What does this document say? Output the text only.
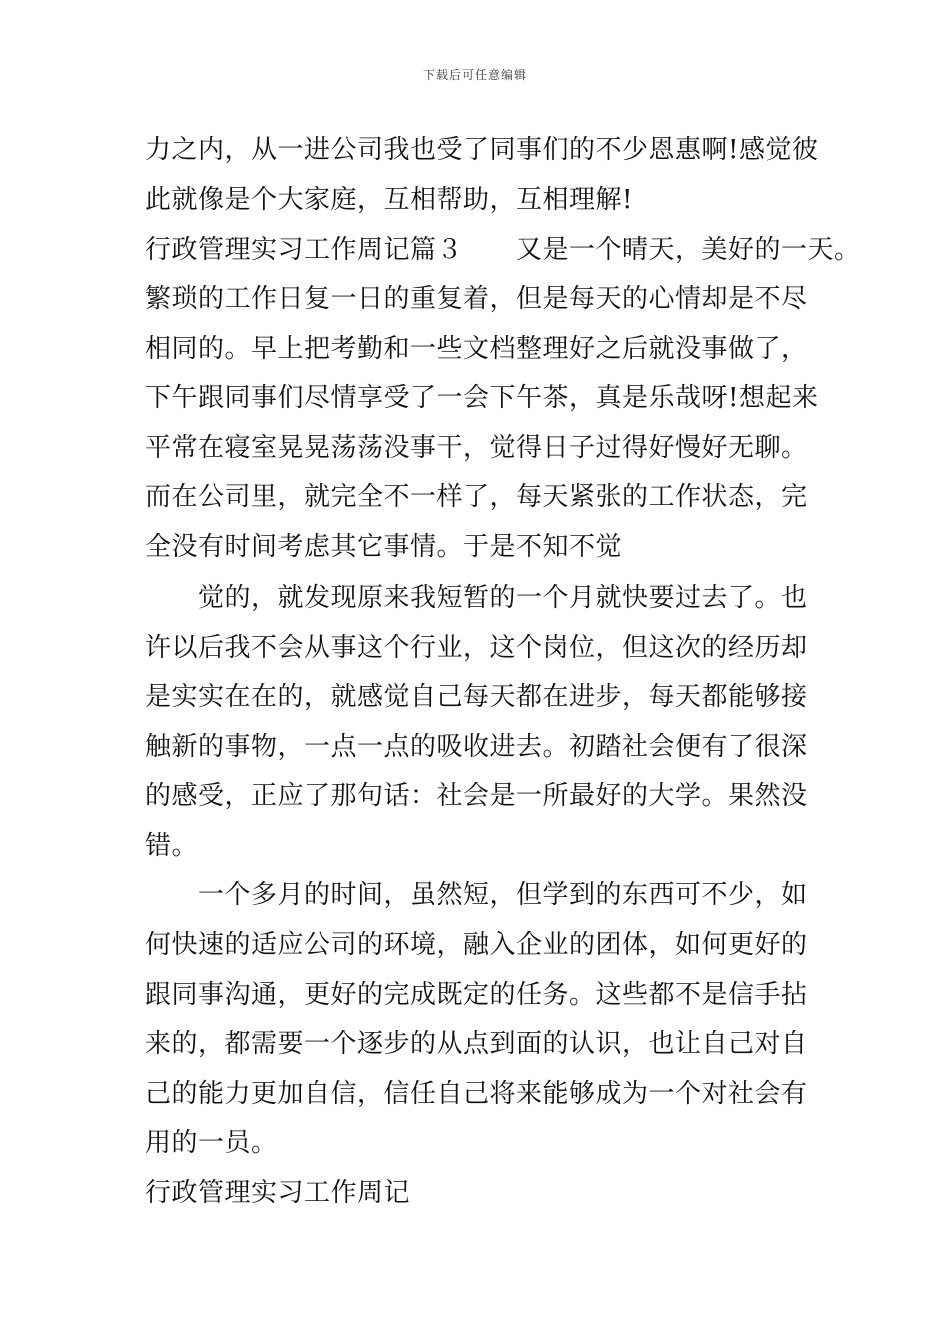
下载后可任意编辑
力之内，从一进公司我也受了同事们的不少恩惠啊!感觉彼
此就像是个大家庭，互相帮助，互相理解!
行政管理实习工作周记篇３　　又是一个晴天，美好的一天。
繁琐的工作日复一日的重复着，但是每天的心情却是不尽
相同的。早上把考勤和一些文档整理好之后就没事做了，
下午跟同事们尽情享受了一会下午茶，真是乐哉呀!想起来
平常在寝室晃晃荡荡没事干，觉得日子过得好慢好无聊。
而在公司里，就完全不一样了，每天紧张的工作状态，完
全没有时间考虑其它事情。于是不知不觉
觉的，就发现原来我短暂的一个月就快要过去了。也
许以后我不会从事这个行业，这个岗位，但这次的经历却
是实实在在的，就感觉自己每天都在进步，每天都能够接
触新的事物，一点一点的吸收进去。初踏社会便有了很深
的感受，正应了那句话：社会是一所最好的大学。果然没
错。
一个多月的时间，虽然短，但学到的东西可不少，如
何快速的适应公司的环境，融入企业的团体，如何更好的
跟同事沟通，更好的完成既定的任务。这些都不是信手拈
来的，都需要一个逐步的从点到面的认识，也让自己对自
己的能力更加自信，信任自己将来能够成为一个对社会有
用的一员。
行政管理实习工作周记
